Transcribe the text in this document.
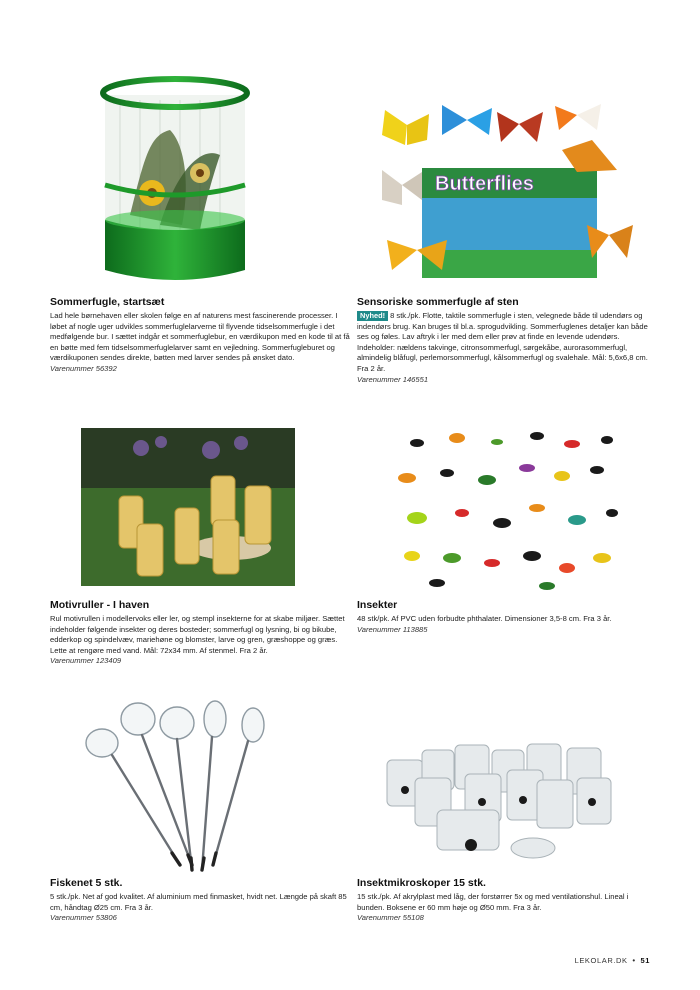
Sommerfugle, startsæt
Lad hele børnehaven eller skolen følge en af naturens mest fascinerende processer. I løbet af nogle uger udvikles sommerfuglelarverne til flyvende tidselsommerfugle i det medfølgende bur. I sættet indgår et sommerfuglebur, en værdikupon med en kode til at få en bøtte med fem tidselsommerfuglelarver samt en vejledning. Sommerfugleburet og værdikuponen sendes direkte, bøtten med larver sendes på ønsket dato.
Varenummer 56392
Butterflies
Sensoriske sommerfugle af sten
Nyhed! 8 stk./pk. Flotte, taktile sommerfugle i sten, velegnede både til udendørs og indendørs brug. Kan bruges til bl.a. sprogudvikling. Sommerfuglenes detaljer kan både ses og føles. Lav aftryk i ler med dem eller prøv at finde en levende udendørs. Indeholder: nældens takvinge, citronsommerfugl, sørgekåbe, aurorasommerfugl, almindelig blåfugl, perlemorsommerfugl, kålsommerfugl og svalehale. Mål: 5,6x6,8 cm. Fra 2 år.
Varenummer 146551
Motivruller - I haven
Rul motivrullen i modellervoks eller ler, og stempl insekterne for at skabe miljøer. Sættet indeholder følgende insekter og deres bosteder; sommerfugl og lysning, bi og bikube, edderkop og spindelvæv, mariehøne og blomster, larve og gren, græshoppe og græs. Lette at rengøre med vand. Mål: 72x34 mm. Af stenmel. Fra 2 år.
Varenummer 123409
Insekter
48 stk/pk. Af PVC uden forbudte phthalater. Dimensioner 3,5-8 cm. Fra 3 år.
Varenummer 113885
Fiskenet 5 stk.
5 stk./pk. Net af god kvalitet. Af aluminium med finmasket, hvidt net. Længde på skaft 85 cm, håndtag Ø25 cm. Fra 3 år.
Varenummer 53806
Insektmikroskoper 15 stk.
15 stk./pk. Af akrylplast med låg, der forstørrer 5x og med ventilationshul. Lineal i bunden. Boksene er 60 mm høje og Ø50 mm. Fra 3 år.
Varenummer 55108
LEKOLAR.DK • 51
